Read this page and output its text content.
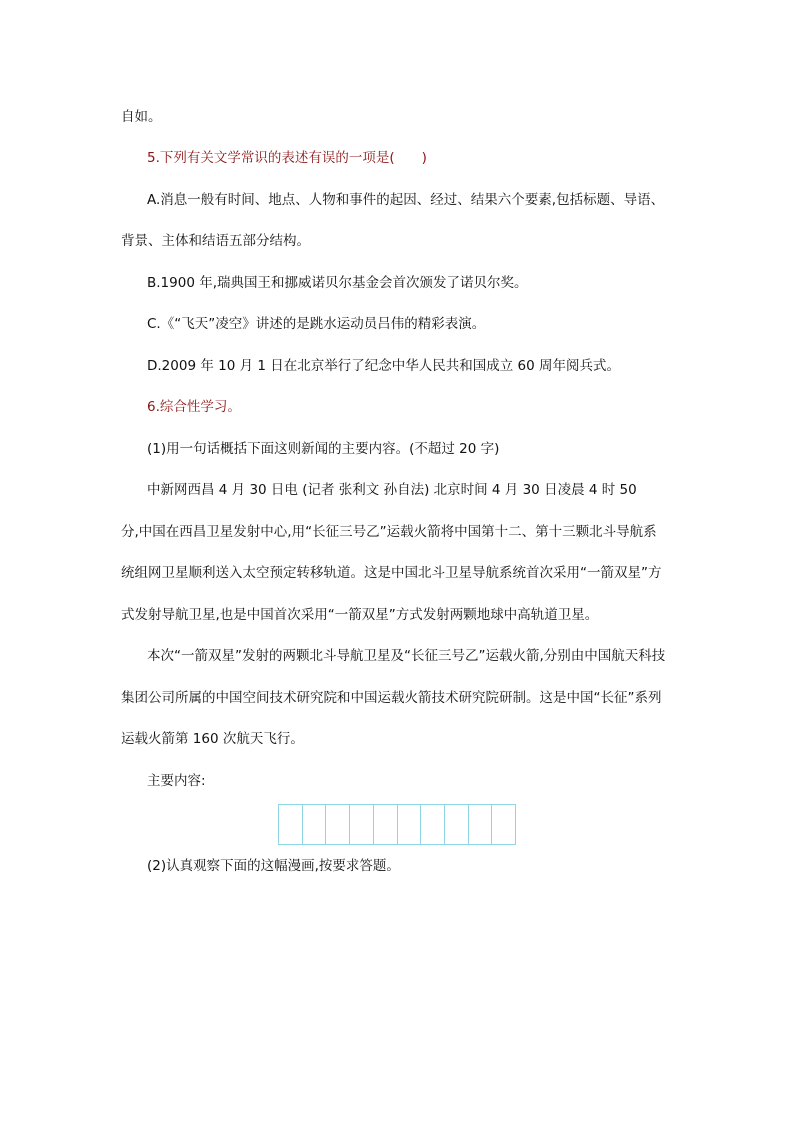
自如。
5.下列有关文学常识的表述有误的一项是(　　)
A.消息一般有时间、地点、人物和事件的起因、经过、结果六个要素,包括标题、导语、
背景、主体和结语五部分结构。
B.1900 年,瑞典国王和挪威诺贝尔基金会首次颁发了诺贝尔奖。
C.《“飞天”凌空》讲述的是跳水运动员吕伟的精彩表演。
D.2009 年 10 月 1 日在北京举行了纪念中华人民共和国成立 60 周年阅兵式。
6.综合性学习。
(1)用一句话概括下面这则新闻的主要内容。(不超过 20 字)
中新网西昌 4 月 30 日电 (记者 张利文 孙自法) 北京时间 4 月 30 日凌晨 4 时 50
分,中国在西昌卫星发射中心,用“长征三号乙”运载火箭将中国第十二、第十三颗北斗导航系
统组网卫星顺利送入太空预定转移轨道。这是中国北斗卫星导航系统首次采用“一箭双星”方
式发射导航卫星,也是中国首次采用“一箭双星”方式发射两颗地球中高轨道卫星。
本次“一箭双星”发射的两颗北斗导航卫星及“长征三号乙”运载火箭,分别由中国航天科技
集团公司所属的中国空间技术研究院和中国运载火箭技术研究院研制。这是中国“长征”系列
运载火箭第 160 次航天飞行。
主要内容:
(2)认真观察下面的这幅漫画,按要求答题。
